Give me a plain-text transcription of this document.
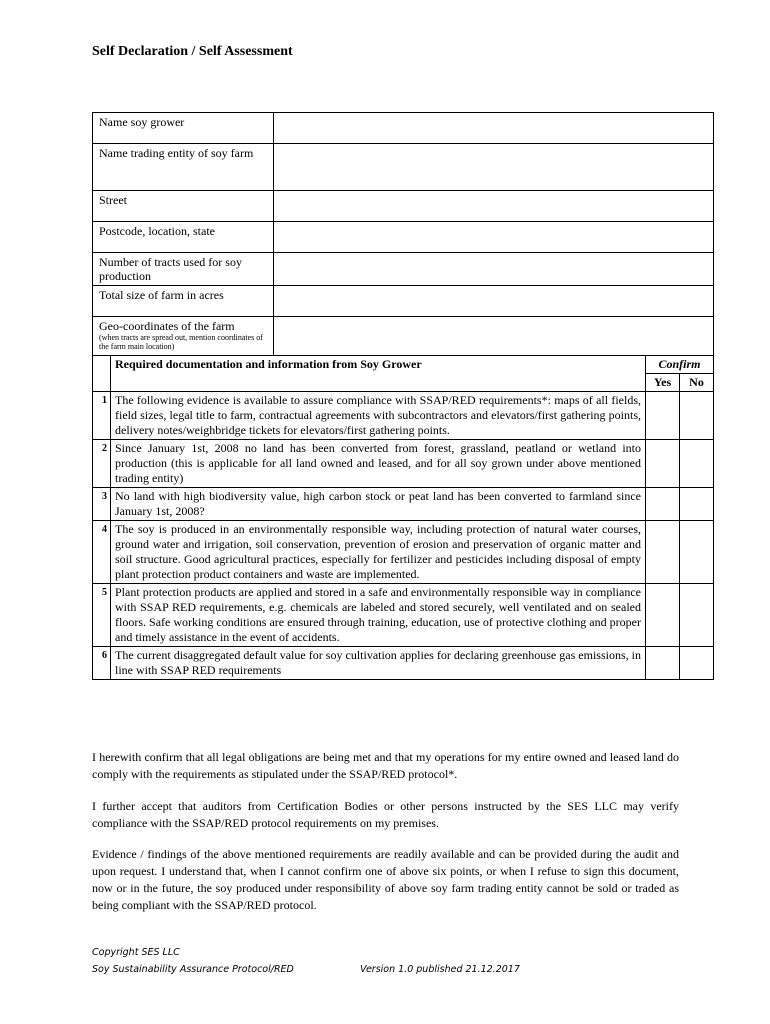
Self Declaration / Self Assessment
Name soy grower	
Name trading entity of soy farm	
Street	
Postcode, location, state	
Number of tracts used for soy production	
Total size of farm in acres	
Geo-coordinates of the farm
(when tracts are spread out, mention coordinates of the farm main location)	

	Required documentation and information from Soy Grower	Confirm	
		Yes	No
1	The following evidence is available to assure compliance with SSAP/RED requirements*: maps of all fields, field sizes, legal title to farm, contractual agreements with subcontractors and elevators/first gathering points, delivery notes/weighbridge tickets for elevators/first gathering points.		
2	Since January 1st, 2008 no land has been converted from forest, grassland, peatland or wetland into production (this is applicable for all land owned and leased, and for all soy grown under above mentioned trading entity)		
3	No land with high biodiversity value, high carbon stock or peat land has been converted to farmland since January 1st, 2008?		
4	The soy is produced in an environmentally responsible way, including protection of natural water courses, ground water and irrigation, soil conservation, prevention of erosion and preservation of organic matter and soil structure. Good agricultural practices, especially for fertilizer and pesticides including disposal of empty plant protection product containers and waste are implemented.		
5	Plant protection products are applied and stored in a safe and environmentally responsible way in compliance with SSAP RED requirements, e.g. chemicals are labeled and stored securely, well ventilated and on sealed floors. Safe working conditions are ensured through training, education, use of protective clothing and proper and timely assistance in the event of accidents.		
6	The current disaggregated default value for soy cultivation applies for declaring greenhouse gas emissions, in line with SSAP RED requirements		

I herewith confirm that all legal obligations are being met and that my operations for my entire owned and leased land do comply with the requirements as stipulated under the SSAP/RED protocol*.

I further accept that auditors from Certification Bodies or other persons instructed by the SES LLC may verify compliance with the SSAP/RED protocol requirements on my premises.

Evidence / findings of the above mentioned requirements are readily available and can be provided during the audit and upon request. I understand that, when I cannot confirm one of above six points, or when I refuse to sign this document, now or in the future, the soy produced under responsibility of above soy farm trading entity cannot be sold or traded as being compliant with the SSAP/RED protocol.

Copyright SES LLC
Soy Sustainability Assurance Protocol/RED	Version 1.0 published 21.12.2017
